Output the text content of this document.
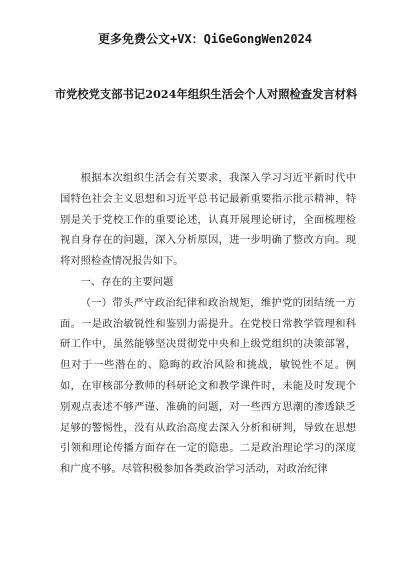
更多免费公文+VX：QiGeGongWen2024
市党校党支部书记2024年组织生活会个人对照检查发言材料

根据本次组织生活会有关要求，我深入学习习近平新时代中国特色社会主义思想和习近平总书记最新重要指示批示精神，特别是关于党校工作的重要论述，认真开展理论研讨，全面梳理检视自身存在的问题，深入分析原因，进一步明确了整改方向。现将对照检查情况报告如下。

一、存在的主要问题

（一）带头严守政治纪律和政治规矩，维护党的团结统一方面。一是政治敏锐性和鉴别力需提升。在党校日常教学管理和科研工作中，虽然能够坚决贯彻党中央和上级党组织的决策部署，但对于一些潜在的、隐晦的政治风险和挑战，敏锐性不足。例如，在审核部分教师的科研论文和教学课件时，未能及时发现个别观点表述不够严谨、准确的问题，对一些西方思潮的渗透缺乏足够的警惕性，没有从政治高度去深入分析和研判，导致在思想引领和理论传播方面存在一定的隐患。二是政治理论学习的深度和广度不够。尽管积极参加各类政治学习活动，对政治纪律
